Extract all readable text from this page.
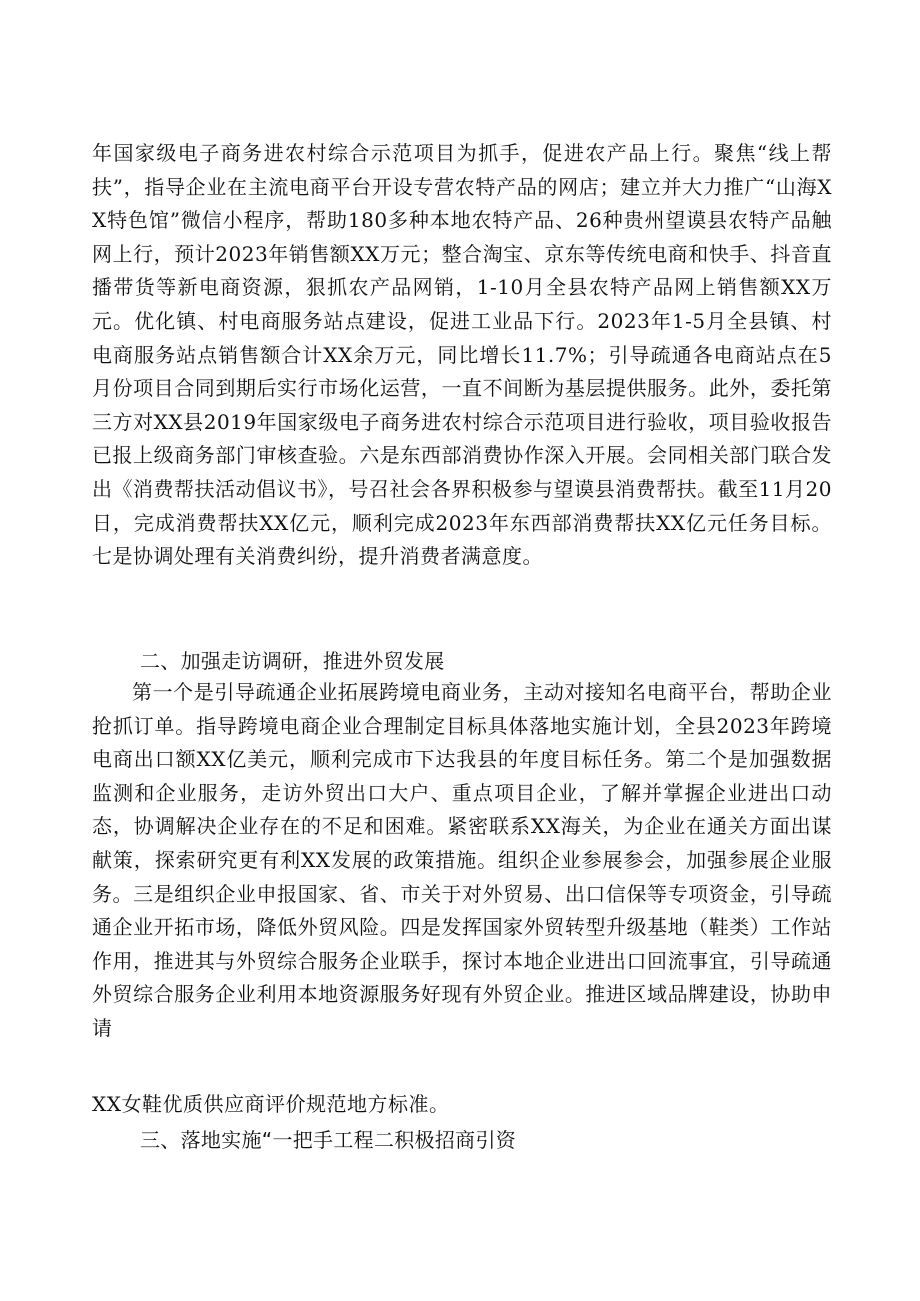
年国家级电子商务进农村综合示范项目为抓手，促进农产品上行。聚焦“线上帮扶”，指导企业在主流电商平台开设专营农特产品的网店；建立并大力推广“山海XX特色馆”微信小程序，帮助180多种本地农特产品、26种贵州望谟县农特产品触网上行，预计2023年销售额XX万元；整合淘宝、京东等传统电商和快手、抖音直播带货等新电商资源，狠抓农产品网销，1-10月全县农特产品网上销售额XX万元。优化镇、村电商服务站点建设，促进工业品下行。2023年1-5月全县镇、村电商服务站点销售额合计XX余万元，同比增长11.7%；引导疏通各电商站点在5月份项目合同到期后实行市场化运营，一直不间断为基层提供服务。此外，委托第三方对XX县2019年国家级电子商务进农村综合示范项目进行验收，项目验收报告已报上级商务部门审核查验。六是东西部消费协作深入开展。会同相关部门联合发出《消费帮扶活动倡议书》，号召社会各界积极参与望谟县消费帮扶。截至11月20日，完成消费帮扶XX亿元，顺利完成2023年东西部消费帮扶XX亿元任务目标。七是协调处理有关消费纠纷，提升消费者满意度。

二、加强走访调研，推进外贸发展

第一个是引导疏通企业拓展跨境电商业务，主动对接知名电商平台，帮助企业抢抓订单。指导跨境电商企业合理制定目标具体落地实施计划，全县2023年跨境电商出口额XX亿美元，顺利完成市下达我县的年度目标任务。第二个是加强数据监测和企业服务，走访外贸出口大户、重点项目企业，了解并掌握企业进出口动态，协调解决企业存在的不足和困难。紧密联系XX海关，为企业在通关方面出谋献策，探索研究更有利XX发展的政策措施。组织企业参展参会，加强参展企业服务。三是组织企业申报国家、省、市关于对外贸易、出口信保等专项资金，引导疏通企业开拓市场，降低外贸风险。四是发挥国家外贸转型升级基地（鞋类）工作站作用，推进其与外贸综合服务企业联手，探讨本地企业进出口回流事宜，引导疏通外贸综合服务企业利用本地资源服务好现有外贸企业。推进区域品牌建设，协助申请

XX女鞋优质供应商评价规范地方标准。

三、落地实施“一把手工程二积极招商引资
